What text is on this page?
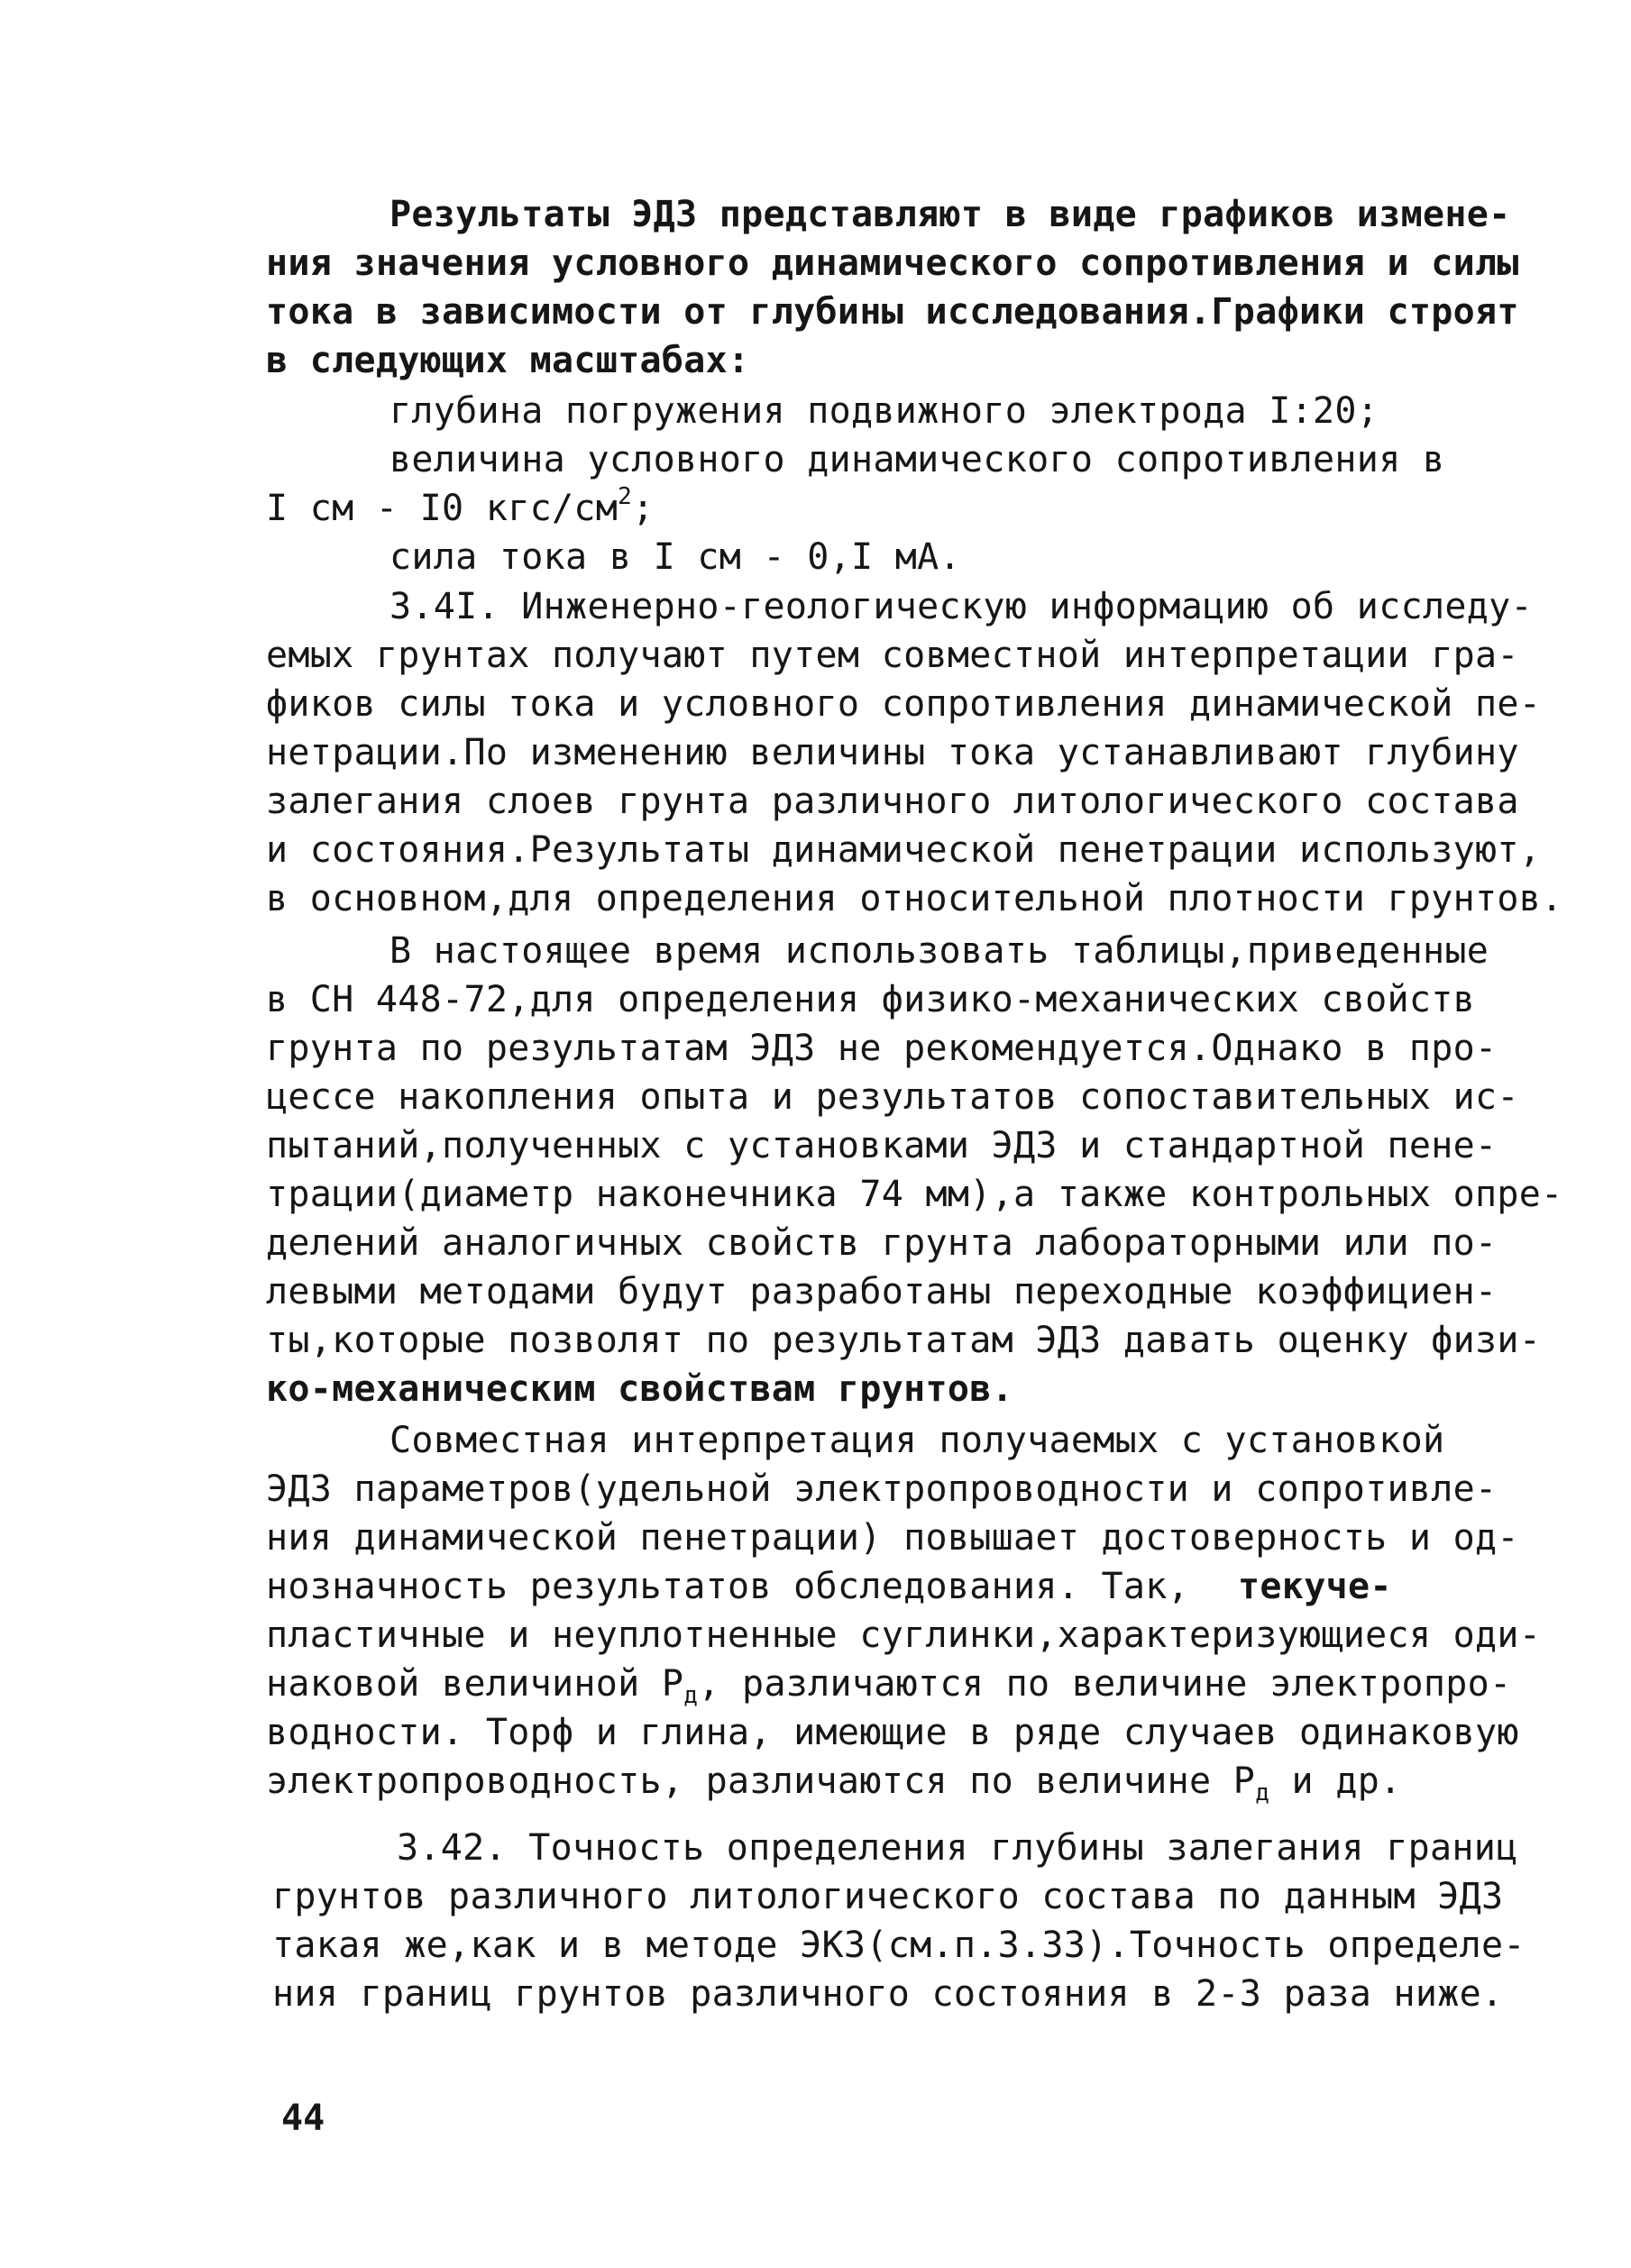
Результаты ЭДЗ представляют в виде графиков измене-
ния значения условного динамического сопротивления и силы
тока в зависимости от глубины исследования.Графики строят
в следующих масштабах:
глубина погружения подвижного электрода I:20;
величина условного динамического сопротивления в
I см - I0 кгс/$см^2$;
сила тока в I см - 0,I мА.
3.4I. Инженерно-геологическую информацию об исследу-
емых грунтах получают путем совместной интерпретации гра-
фиков силы тока и условного сопротивления динамической пе-
нетрации.По изменению величины тока устанавливают глубину
залегания слоев грунта различного литологического состава
и состояния.Результаты динамической пенетрации используют,
в основном,для определения относительной плотности грунтов.
В настоящее время использовать таблицы,приведенные
в СН 448-72,для определения физико-механических свойств
грунта по результатам ЭДЗ не рекомендуется.Однако в про-
цессе накопления опыта и результатов сопоставительных ис-
пытаний,полученных с установками ЭДЗ и стандартной пене-
трации(диаметр наконечника 74 мм),а также контрольных опре-
делений аналогичных свойств грунта лабораторными или по-
левыми методами будут разработаны переходные коэффициен-
ты,которые позволят по результатам ЭДЗ давать оценку физи-
ко-механическим свойствам грунтов.
Совместная интерпретация получаемых с установкой
ЭДЗ параметров(удельной электропроводности и сопротивле-
ния динамической пенетрации) повышает достоверность и од-
нозначность результатов обследования. Так, текуче-
пластичные и неуплотненные суглинки,характеризующиеся оди-
наковой величиной $Р_д$, различаются по величине электропро-
водности. Торф и глина, имеющие в ряде случаев одинаковую
электропроводность, различаются по величине $Р_д$ и др.
3.42. Точность определения глубины залегания границ
грунтов различного литологического состава по данным ЭДЗ
такая же,как и в методе ЭКЗ(см.п.3.33).Точность определе-
ния границ грунтов различного состояния в 2-3 раза ниже.
44
